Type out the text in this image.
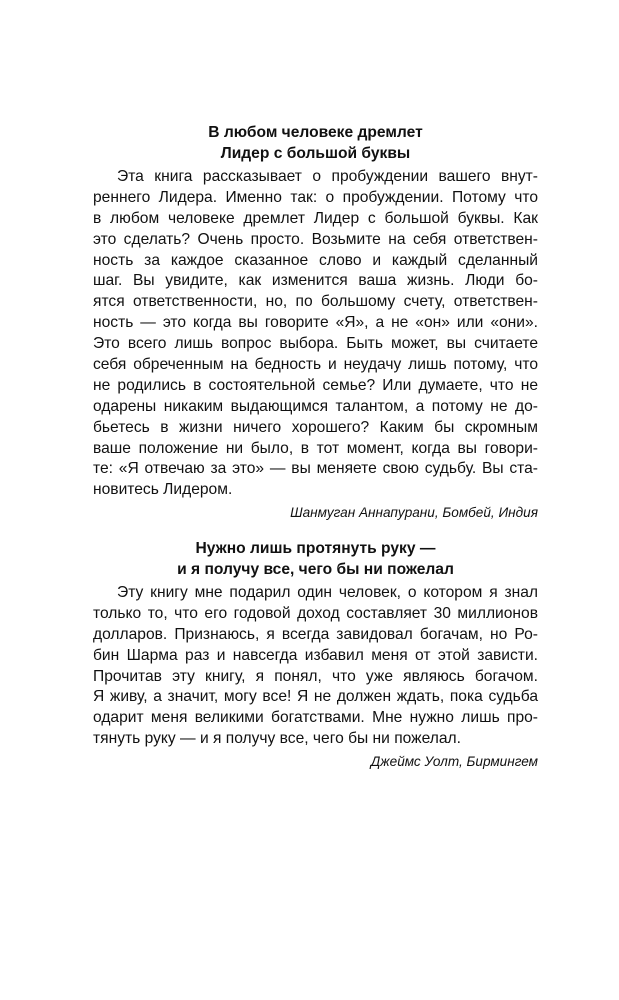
В любом человеке дремлет
Лидер с большой буквы
Эта книга рассказывает о пробуждении вашего внут-
реннего Лидера. Именно так: о пробуждении. Потому что
в любом человеке дремлет Лидер с большой буквы. Как
это сделать? Очень просто. Возьмите на себя ответствен-
ность за каждое сказанное слово и каждый сделанный
шаг. Вы увидите, как изменится ваша жизнь. Люди бо-
ятся ответственности, но, по большому счету, ответствен-
ность — это когда вы говорите «Я», а не «он» или «они».
Это всего лишь вопрос выбора. Быть может, вы считаете
себя обреченным на бедность и неудачу лишь потому, что
не родились в состоятельной семье? Или думаете, что не
одарены никаким выдающимся талантом, а потому не до-
бьетесь в жизни ничего хорошего? Каким бы скромным
ваше положение ни было, в тот момент, когда вы говори-
те: «Я отвечаю за это» — вы меняете свою судьбу. Вы ста-
новитесь Лидером.
Шанмуган Аннапурани, Бомбей, Индия
Нужно лишь протянуть руку —
и я получу все, чего бы ни пожелал
Эту книгу мне подарил один человек, о котором я знал
только то, что его годовой доход составляет 30 миллионов
долларов. Признаюсь, я всегда завидовал богачам, но Ро-
бин Шарма раз и навсегда избавил меня от этой зависти.
Прочитав эту книгу, я понял, что уже являюсь богачом.
Я живу, а значит, могу все! Я не должен ждать, пока судьба
одарит меня великими богатствами. Мне нужно лишь про-
тянуть руку — и я получу все, чего бы ни пожелал.
Джеймс Уолт, Бирмингем
